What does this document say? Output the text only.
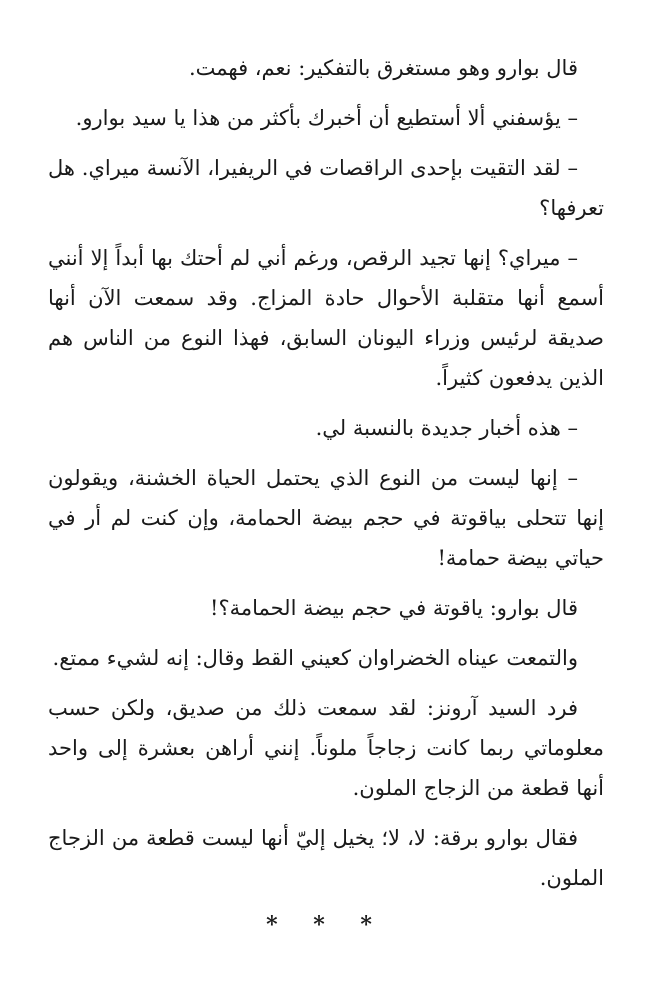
قال بوارو وهو مستغرق بالتفكير: نعم، فهمت.

– يؤسفني ألا أستطيع أن أخبرك بأكثر من هذا يا سيد بوارو.

– لقد التقيت بإحدى الراقصات في الريفيرا، الآنسة ميراي. هل تعرفها؟

– ميراي؟ إنها تجيد الرقص، ورغم أني لم أحتك بها أبداً إلا أنني أسمع أنها متقلبة الأحوال حادة المزاج. وقد سمعت الآن أنها صديقة لرئيس وزراء اليونان السابق، فهذا النوع من الناس هم الذين يدفعون كثيراً.

– هذه أخبار جديدة بالنسبة لي.

– إنها ليست من النوع الذي يحتمل الحياة الخشنة، ويقولون إنها تتحلى بياقوتة في حجم بيضة الحمامة، وإن كنت لم أر في حياتي بيضة حمامة!

قال بوارو: ياقوتة في حجم بيضة الحمامة؟!

والتمعت عيناه الخضراوان كعيني القط وقال: إنه لشيء ممتع.

فرد السيد آرونز: لقد سمعت ذلك من صديق، ولكن حسب معلوماتي ربما كانت زجاجاً ملوناً. إنني أراهن بعشرة إلى واحد أنها قطعة من الزجاج الملون.

فقال بوارو برقة: لا، لا؛ يخيل إليّ أنها ليست قطعة من الزجاج الملون.

* * *
